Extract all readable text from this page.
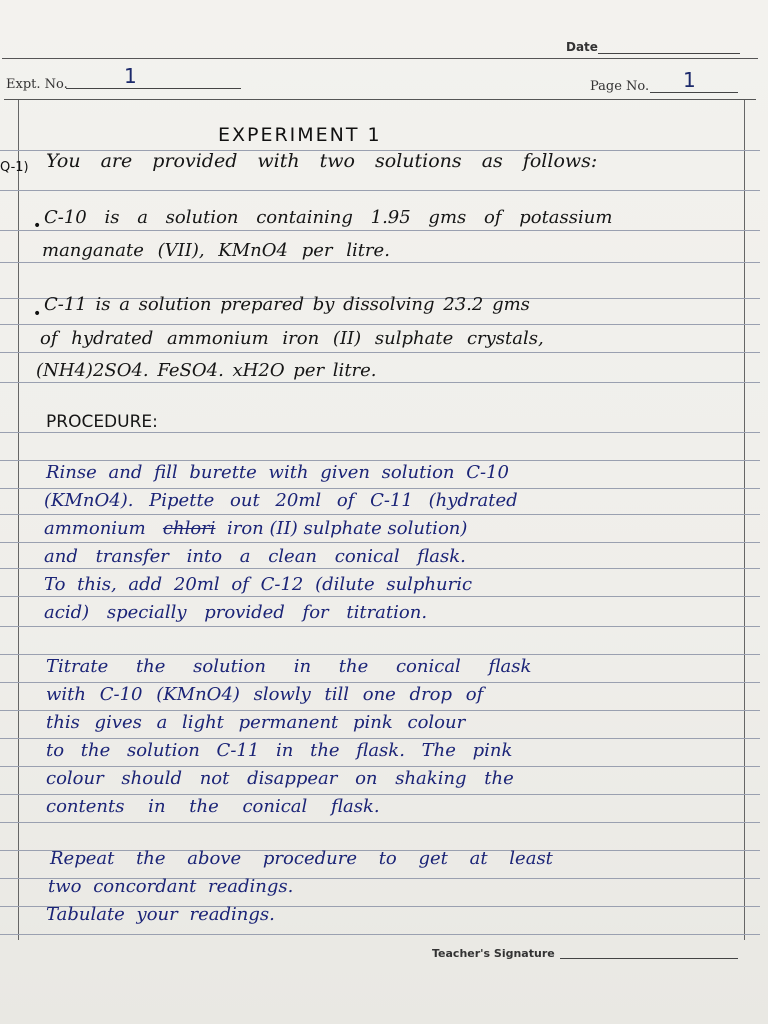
Date
Expt. No.	1	Page No. 1
EXPERIMENT 1
Q-1) You are provided with two solutions as follows:
• C-10 is a solution containing 1.95 gms of potassium
manganate (VII), KMnO4 per litre.
• C-11 is a solution prepared by dissolving 23.2 gms
of hydrated ammonium iron (II) sulphate crystals,
(NH4)2SO4. FeSO4. xH2O per litre.
PROCEDURE:
Rinse and fill burette with given solution C-10
(KMnO4). Pipette out 20ml of C-11 (hydrated
ammonium chlori iron (II) sulphate solution)
and transfer into a clean conical flask.
To this, add 20ml of C-12 (dilute sulphuric
acid) specially provided for titration.
Titrate the solution in the conical flask
with C-10 (KMnO4) slowly till one drop of
this gives a light permanent pink colour
to the solution C-11 in the flask. The pink
colour should not disappear on shaking the
contents in the conical flask.
Repeat the above procedure to get at least
two concordant readings.
Tabulate your readings.
Teacher's Signature
